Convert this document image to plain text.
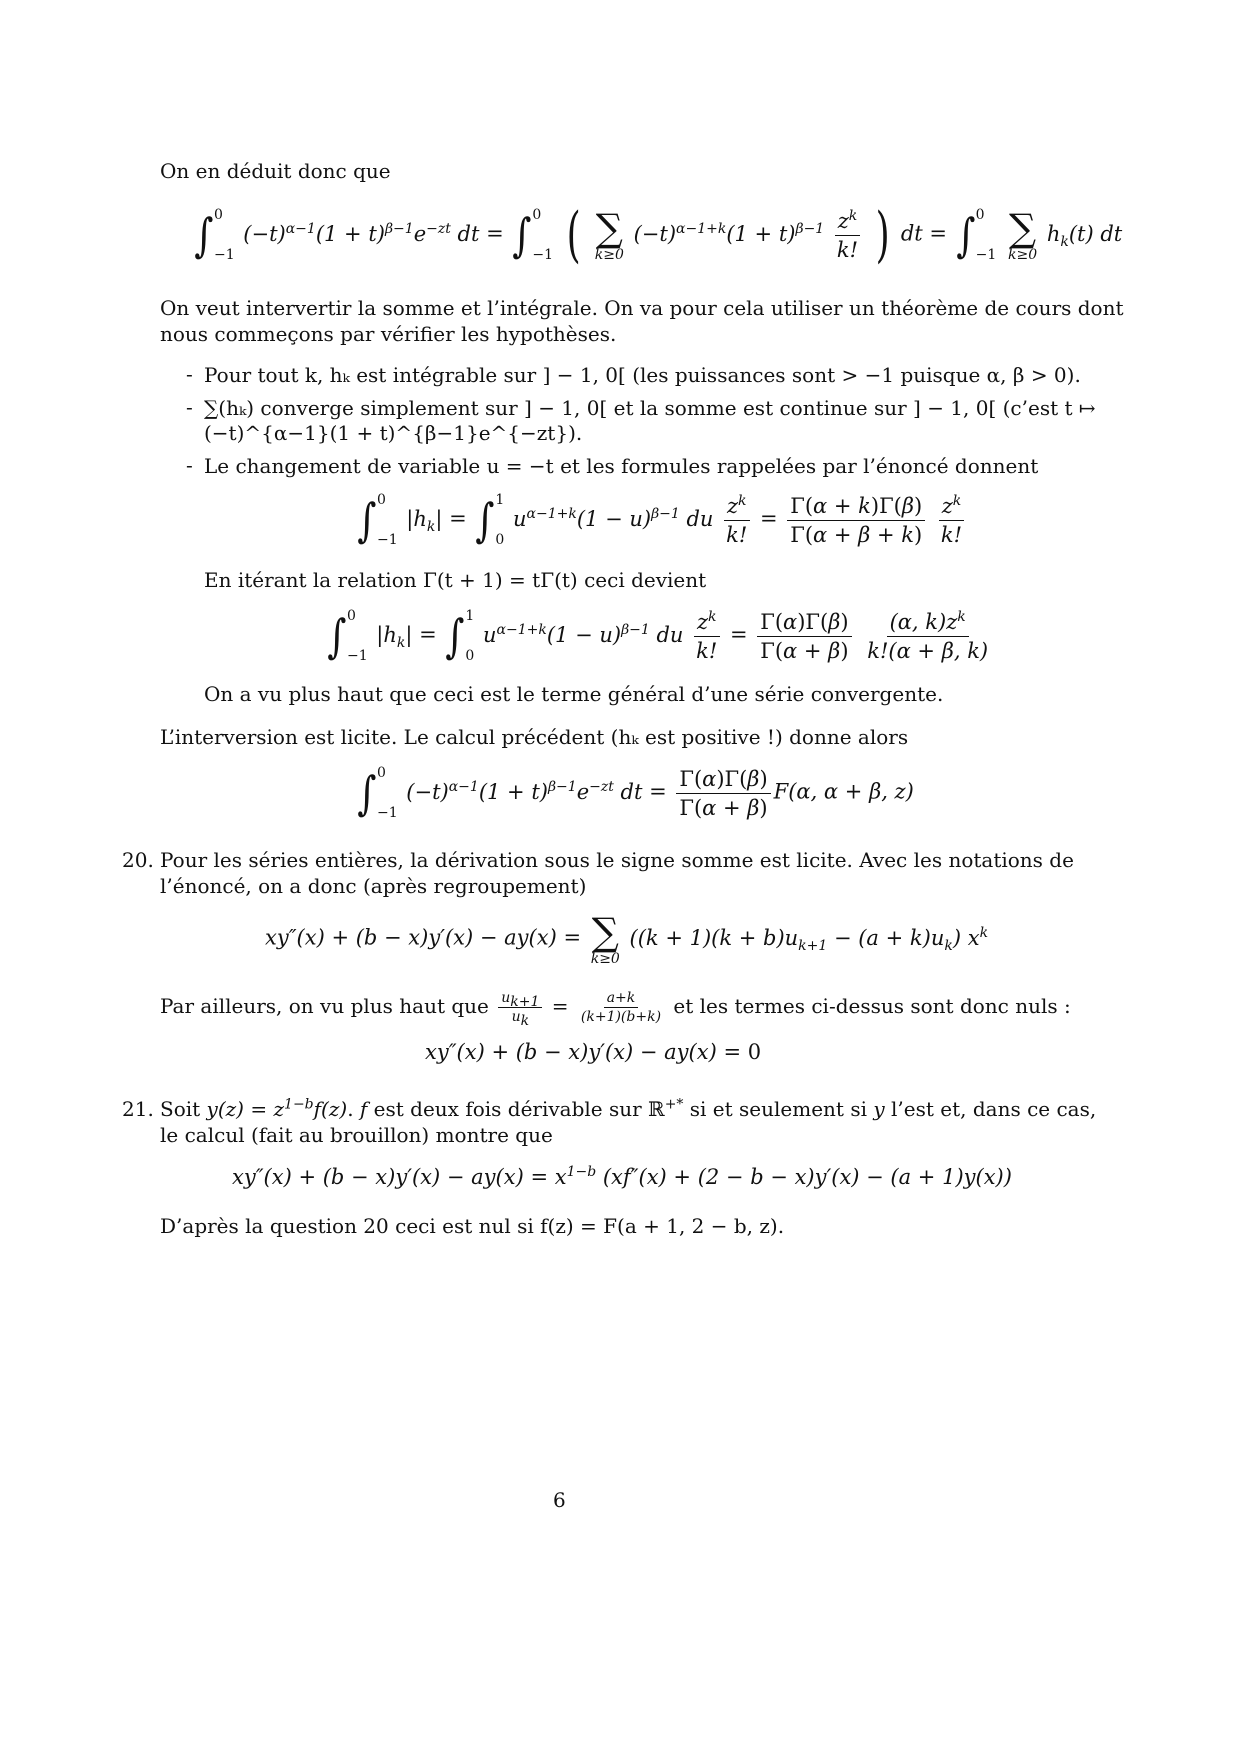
On en déduit donc que
∫ 0
−1
$(-t)^{\alpha-1}(1 + t)^{\beta-1}e^{-zt}$ dt = ∫ 0
−1 ( ∑
k≥0
$(-t)^{\alpha-1+k}(1 + t)^{\beta-1} \frac{z^k}{k!}$ ) dt = ∫ 0
−1

∑
k≥0
$h_k(t)$ dt
On veut intervertir la somme et l’intégrale. On va pour cela utiliser un théorème de cours dont
nous commeçons par vérifier les hypothèses.
- Pour tout k, hₖ est intégrable sur ] − 1, 0[ (les puissances sont > −1 puisque α, β > 0).
- ∑(hₖ) converge simplement sur ] − 1, 0[ et la somme est continue sur ] − 1, 0[ (c’est t ↦
(−t)^{α−1}(1 + t)^{β−1}e^{−zt}).
- Le changement de variable u = −t et les formules rappelées par l’énoncé donnent
∫ 0
−1
$|h_k|$ = ∫ 1
0
$u^{\alpha-1+k}(1 - u)^{\beta-1}$ du $\frac{z^k}{k!} = \frac{\Gamma(\alpha + k)\Gamma(\beta)}{\Gamma(\alpha + \beta + k)}$
$\frac{z^k}{k!}$
En itérant la relation Γ(t + 1) = tΓ(t) ceci devient
∫ 0
−1
$|h_k|$ = ∫ 1
0
$u^{\alpha-1+k}(1 - u)^{\beta-1}$ du $\frac{z^k}{k!} = \frac{\Gamma(\alpha)\Gamma(\beta)}{\Gamma(\alpha + \beta)}$
$\frac{(\alpha, k)z^k}{k!(\alpha + \beta, k)}$
On a vu plus haut que ceci est le terme général d’une série convergente.
L’interversion est licite. Le calcul précédent (hₖ est positive !) donne alors
∫ 0
−1
$(-t)^{\alpha-1}(1 + t)^{\beta-1}e^{-zt}$ dt = $\frac{\Gamma(\alpha)\Gamma(\beta)}{\Gamma(\alpha + \beta)} F(\alpha$, α + β, z)
20. Pour les séries entières, la dérivation sous le signe somme est licite. Avec les notations de
l’énoncé, on a donc (après regroupement)
xy″(x) + (b − x)y′(x) − ay(x) = ∑
k≥0
$((k + 1)(k + b)u_{k+1} - (a + k)u_k)$ $x^k$
Par ailleurs, on vu plus haut que $\frac{u_{k+1}}{u_k} = \frac{a+k}{(k+1)(b+k)}$ et les termes ci-dessus sont donc nuls :
xy″(x) + (b − x)y′(x) − ay(x) = 0
21. Soit $y(z) = z^{1-b}f(z)$. f est deux fois dérivable sur ℝ+* si et seulement si y l’est et, dans ce cas,
le calcul (fait au brouillon) montre que
$xy''(x) + (b - x)y'(x) - ay(x) = x^{1-b}$ (xf″(x) + (2 − b − x)y′(x) − (a + 1)y(x))
D’après la question 20 ceci est nul si f(z) = F(a + 1, 2 − b, z).
6
